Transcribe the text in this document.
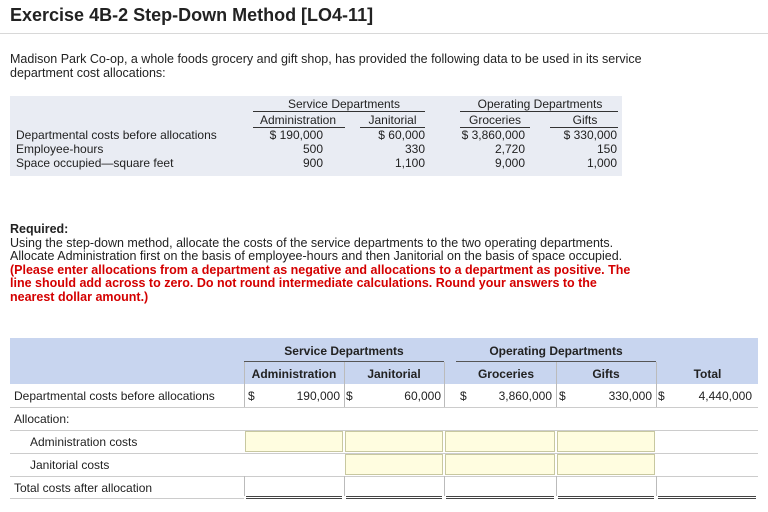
Exercise 4B-2 Step-Down Method [LO4-11]
Madison Park Co-op, a whole foods grocery and gift shop, has provided the following data to be used in its service department cost allocations:
Service Departments	Operating Departments
Administration	Janitorial	Groceries	Gifts
Departmental costs before allocations	$ 190,000	$ 60,000	$ 3,860,000	$ 330,000
Employee-hours	500	330	2,720	150
Space occupied—square feet	900	1,100	9,000	1,000
Required:
Using the step-down method, allocate the costs of the service departments to the two operating departments. Allocate Administration first on the basis of employee-hours and then Janitorial on the basis of space occupied. (Please enter allocations from a department as negative and allocations to a department as positive. The line should add across to zero. Do not round intermediate calculations. Round your answers to the nearest dollar amount.)
Service Departments	Operating Departments
Administration	Janitorial	Groceries	Gifts	Total
Departmental costs before allocations	$	190,000 $	60,000 $	3,860,000 $	330,000 $	4,440,000
Allocation:
Administration costs
Janitorial costs
Total costs after allocation
